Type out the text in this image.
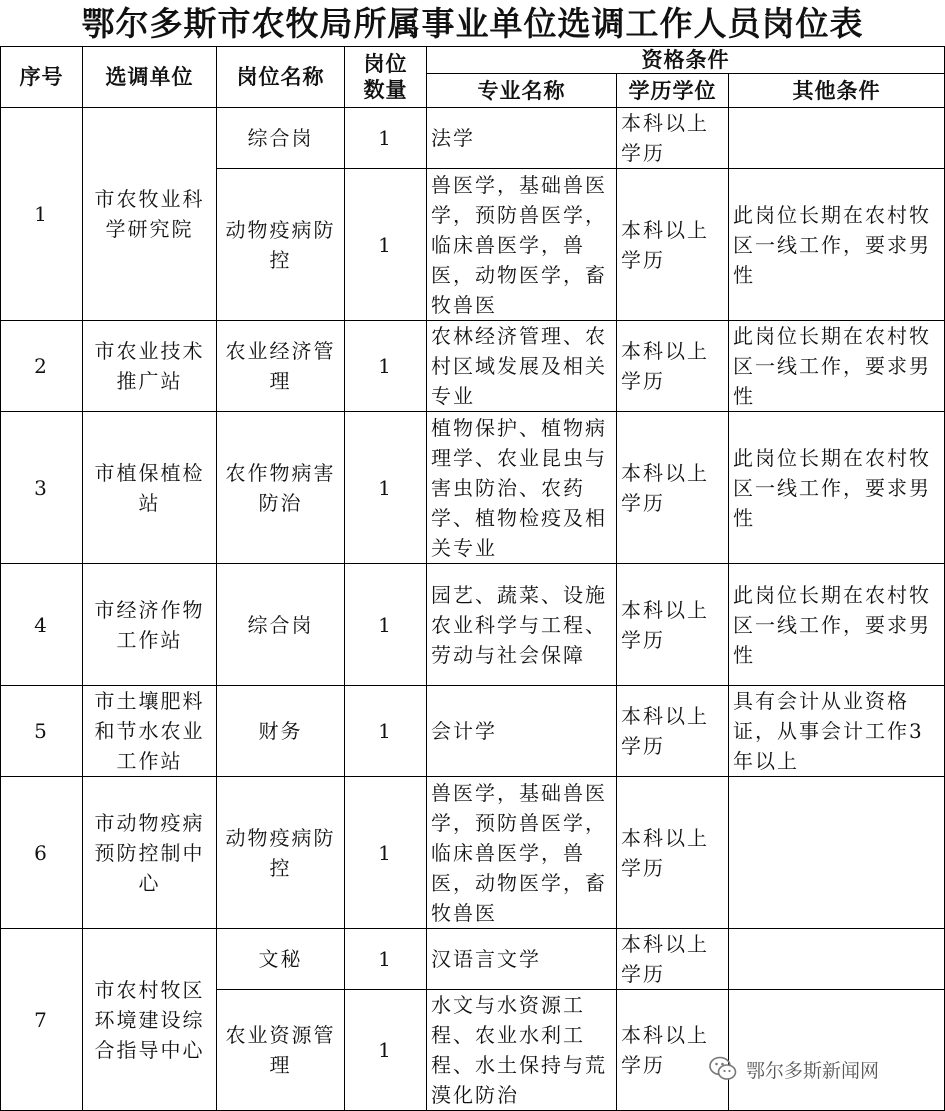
鄂尔多斯市农牧局所属事业单位选调工作人员岗位表
序号	选调单位	岗位名称	岗位数量	资格条件		
				专业名称	学历学位	其他条件
1	市农牧业科学研究院	综合岗	1	法学	本科以上学历	
		动物疫病防控	1	兽医学，基础兽医学，预防兽医学，临床兽医学，兽医，动物医学，畜牧兽医	本科以上学历	此岗位长期在农村牧区一线工作，要求男性
2	市农业技术推广站	农业经济管理	1	农林经济管理、农村区域发展及相关专业	本科以上学历	此岗位长期在农村牧区一线工作，要求男性
3	市植保植检站	农作物病害防治	1	植物保护、植物病理学、农业昆虫与害虫防治、农药学、植物检疫及相关专业	本科以上学历	此岗位长期在农村牧区一线工作，要求男性
4	市经济作物工作站	综合岗	1	园艺、蔬菜、设施农业科学与工程、劳动与社会保障	本科以上学历	此岗位长期在农村牧区一线工作，要求男性
5	市土壤肥料和节水农业工作站	财务	1	会计学	本科以上学历	具有会计从业资格证，从事会计工作3年以上
6	市动物疫病预防控制中心	动物疫病防控	1	兽医学，基础兽医学，预防兽医学，临床兽医学，兽医，动物医学，畜牧兽医	本科以上学历	
7	市农村牧区环境建设综合指导中心	文秘	1	汉语言文学	本科以上学历	
		农业资源管理	1	水文与水资源工程、农业水利工程、水土保持与荒漠化防治	本科以上学历		鄂尔多斯新闻网
